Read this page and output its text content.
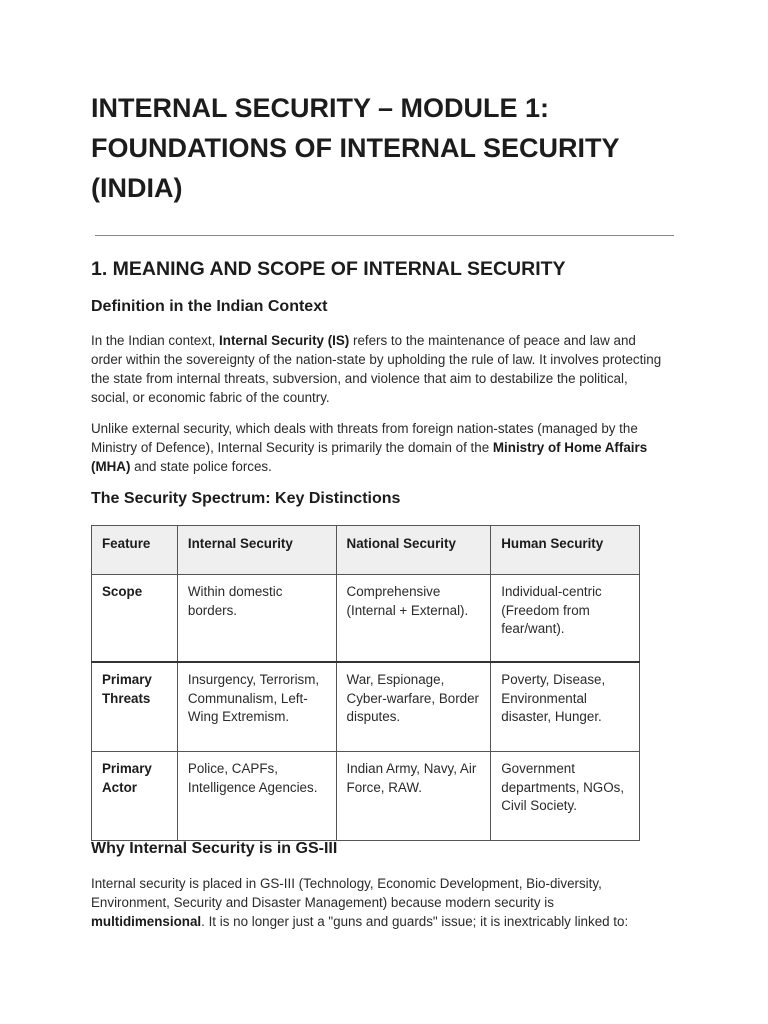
INTERNAL SECURITY – MODULE 1: FOUNDATIONS OF INTERNAL SECURITY (INDIA)
1. MEANING AND SCOPE OF INTERNAL SECURITY
Definition in the Indian Context

In the Indian context, Internal Security (IS) refers to the maintenance of peace and law and order within the sovereignty of the nation-state by upholding the rule of law. It involves protecting the state from internal threats, subversion, and violence that aim to destabilize the political, social, or economic fabric of the country.

Unlike external security, which deals with threats from foreign nation-states (managed by the Ministry of Defence), Internal Security is primarily the domain of the Ministry of Home Affairs (MHA) and state police forces.

The Security Spectrum: Key Distinctions
Feature	Internal Security	National Security	Human Security
Scope	Within domestic borders.	Comprehensive (Internal + External).	Individual-centric (Freedom from fear/want).
Primary Threats	Insurgency, Terrorism, Communalism, Left-Wing Extremism.	War, Espionage, Cyber-warfare, Border disputes.	Poverty, Disease, Environmental disaster, Hunger.
Primary Actor	Police, CAPFs, Intelligence Agencies.	Indian Army, Navy, Air Force, RAW.	Government departments, NGOs, Civil Society.
Why Internal Security is in GS-III

Internal security is placed in GS-III (Technology, Economic Development, Bio-diversity, Environment, Security and Disaster Management) because modern security is multidimensional. It is no longer just a "guns and guards" issue; it is inextricably linked to:
